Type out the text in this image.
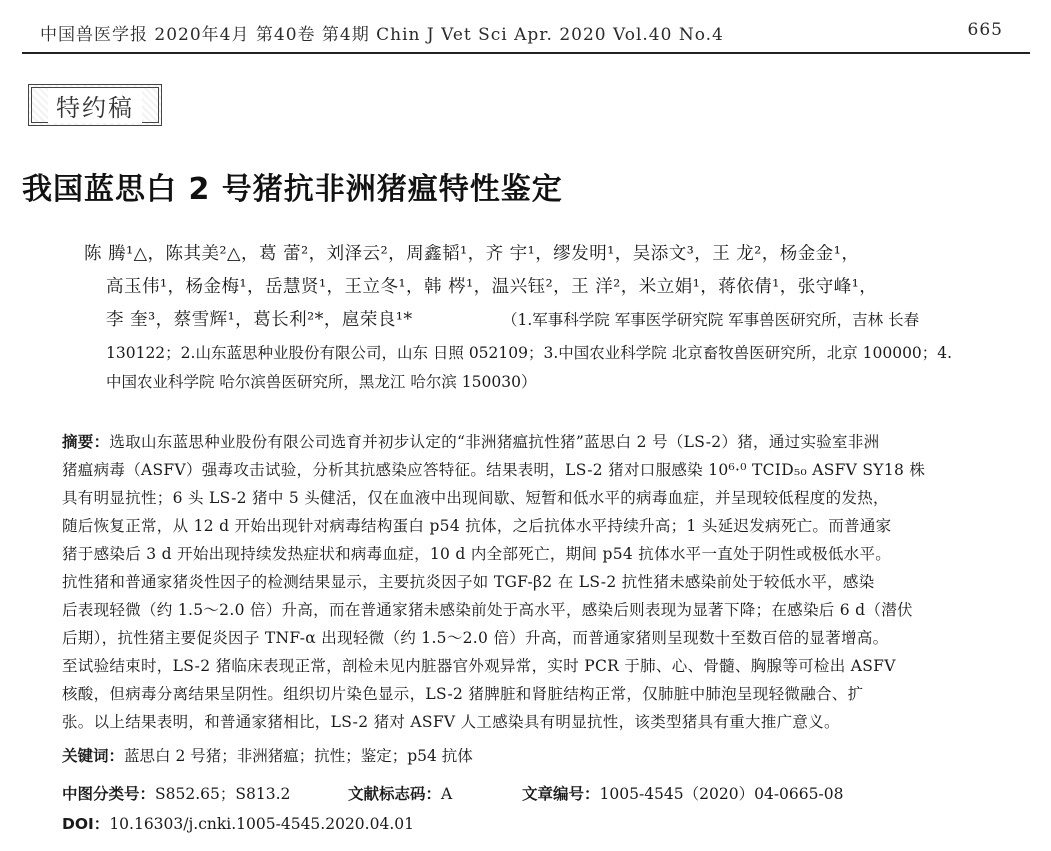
中国兽医学报 2020年4月 第40卷 第4期 Chin J Vet Sci Apr. 2020 Vol.40 No.4	665
特约稿
我国蓝思白 2 号猪抗非洲猪瘟特性鉴定
陈 腾¹△，陈其美²△，葛 蕾²，刘泽云²，周鑫韬¹，齐 宇¹，缪发明¹，吴添文³，王 龙²，杨金金¹，
高玉伟¹，杨金梅¹，岳慧贤¹，王立冬¹，韩 梣¹，温兴钰²，王 洋²，米立娟¹，蒋依倩¹，张守峰¹，
李 奎³，蔡雪辉¹，葛长利²*，扈荣良¹*	（1.军事科学院 军事医学研究院 军事兽医研究所，吉林 长春
130122；2.山东蓝思种业股份有限公司，山东 日照 052109；3.中国农业科学院 北京畜牧兽医研究所，北京 100000；4.
中国农业科学院 哈尔滨兽医研究所，黑龙江 哈尔滨 150030）
摘要：选取山东蓝思种业股份有限公司选育并初步认定的“非洲猪瘟抗性猪”蓝思白 2 号（LS-2）猪，通过实验室非洲
猪瘟病毒（ASFV）强毒攻击试验，分析其抗感染应答特征。结果表明，LS-2 猪对口服感染 10⁶·⁰ TCID₅₀ ASFV SY18 株
具有明显抗性；6 头 LS-2 猪中 5 头健活，仅在血液中出现间歇、短暂和低水平的病毒血症，并呈现较低程度的发热，
随后恢复正常，从 12 d 开始出现针对病毒结构蛋白 p54 抗体，之后抗体水平持续升高；1 头延迟发病死亡。而普通家
猪于感染后 3 d 开始出现持续发热症状和病毒血症，10 d 内全部死亡，期间 p54 抗体水平一直处于阴性或极低水平。
抗性猪和普通家猪炎性因子的检测结果显示，主要抗炎因子如 TGF-β2 在 LS-2 抗性猪未感染前处于较低水平，感染
后表现轻微（约 1.5～2.0 倍）升高，而在普通家猪未感染前处于高水平，感染后则表现为显著下降；在感染后 6 d（潜伏
后期），抗性猪主要促炎因子 TNF-α 出现轻微（约 1.5～2.0 倍）升高，而普通家猪则呈现数十至数百倍的显著增高。
至试验结束时，LS-2 猪临床表现正常，剖检未见内脏器官外观异常，实时 PCR 于肺、心、骨髓、胸腺等可检出 ASFV
核酸，但病毒分离结果呈阴性。组织切片染色显示，LS-2 猪脾脏和肾脏结构正常，仅肺脏中肺泡呈现轻微融合、扩
张。以上结果表明，和普通家猪相比，LS-2 猪对 ASFV 人工感染具有明显抗性，该类型猪具有重大推广意义。
关键词：蓝思白 2 号猪；非洲猪瘟；抗性；鉴定；p54 抗体
中图分类号：S852.65；S813.2	文献标志码：A	文章编号：1005-4545（2020）04-0665-08
DOI：10.16303/j.cnki.1005-4545.2020.04.01
